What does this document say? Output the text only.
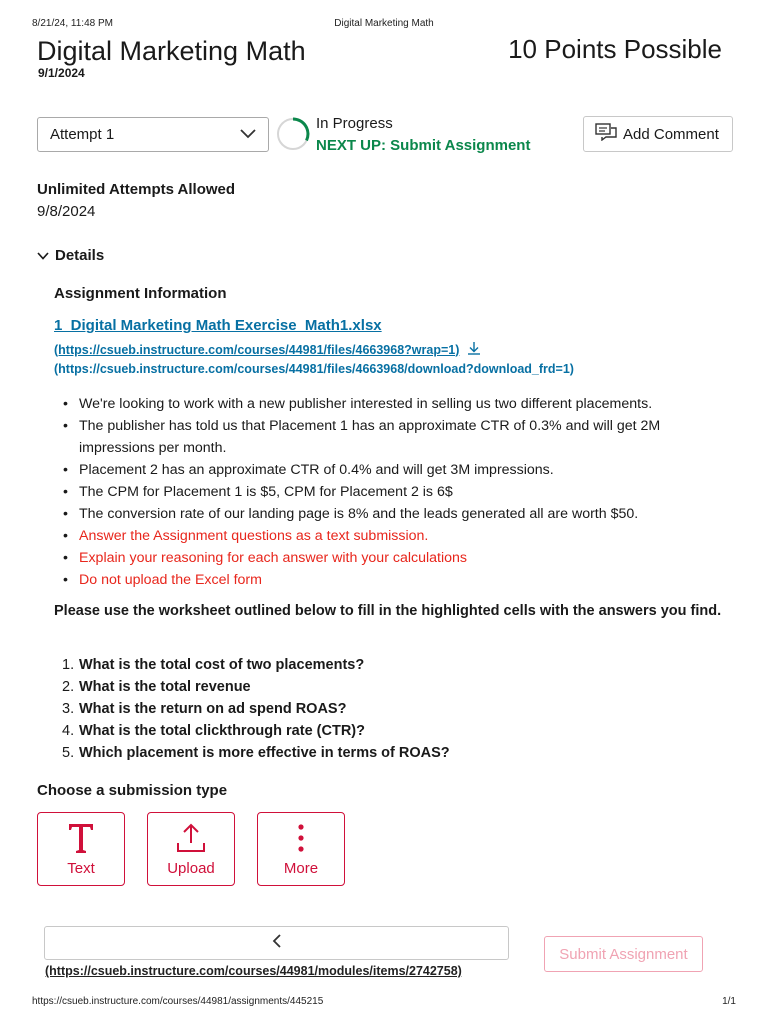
8/21/24, 11:48 PM	Digital Marketing Math
Digital Marketing Math	10 Points Possible
9/1/2024
Attempt 1
In Progress
NEXT UP: Submit Assignment
Add Comment
Unlimited Attempts Allowed
9/8/2024
Details
Assignment Information
1_Digital Marketing Math Exercise_Math1.xlsx
(https://csueb.instructure.com/courses/44981/files/4663968?wrap=1)
(https://csueb.instructure.com/courses/44981/files/4663968/download?download_frd=1)
• We're looking to work with a new publisher interested in selling us two different placements.
• The publisher has told us that Placement 1 has an approximate CTR of 0.3% and will get 2M impressions per month.
• Placement 2 has an approximate CTR of 0.4% and will get 3M impressions.
• The CPM for Placement 1 is $5, CPM for Placement 2 is 6$
• The conversion rate of our landing page is 8% and the leads generated all are worth $50.
• Answer the Assignment questions as a text submission.
• Explain your reasoning for each answer with your calculations
• Do not upload the Excel form
Please use the worksheet outlined below to fill in the highlighted cells with the answers you find.
1. What is the total cost of two placements?
2. What is the total revenue
3. What is the return on ad spend ROAS?
4. What is the total clickthrough rate (CTR)?
5. Which placement is more effective in terms of ROAS?
Choose a submission type
Text	Upload	More
(https://csueb.instructure.com/courses/44981/modules/items/2742758)
Submit Assignment
https://csueb.instructure.com/courses/44981/assignments/445215	1/1
